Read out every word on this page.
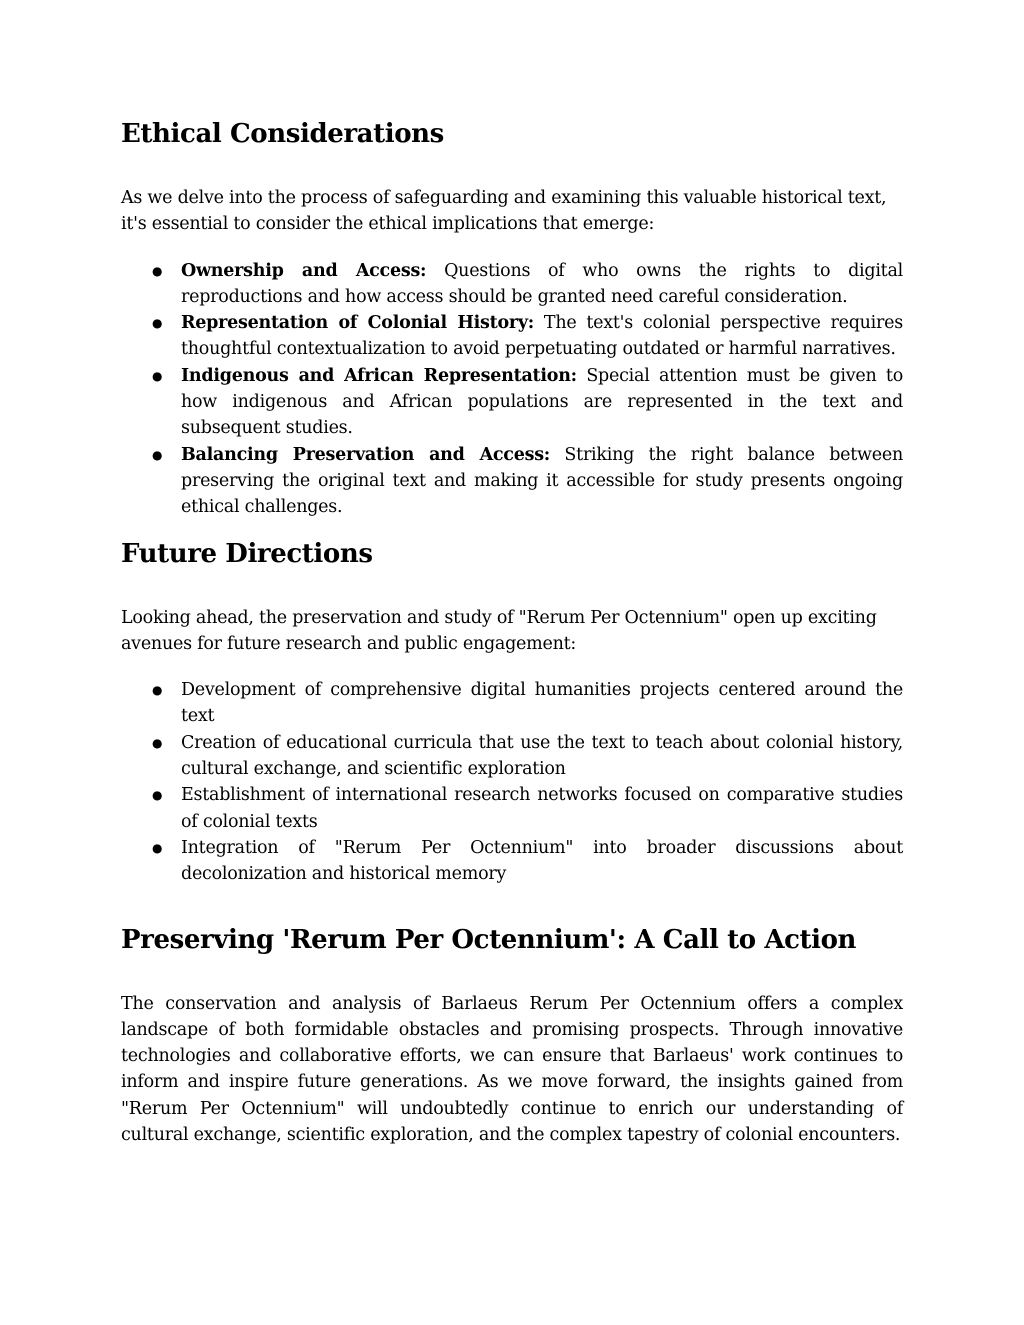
Ethical Considerations

As we delve into the process of safeguarding and examining this valuable historical text, it's essential to consider the ethical implications that emerge:

● Ownership and Access: Questions of who owns the rights to digital reproductions and how access should be granted need careful consideration.
● Representation of Colonial History: The text's colonial perspective requires thoughtful contextualization to avoid perpetuating outdated or harmful narratives.
● Indigenous and African Representation: Special attention must be given to how indigenous and African populations are represented in the text and subsequent studies.
● Balancing Preservation and Access: Striking the right balance between preserving the original text and making it accessible for study presents ongoing ethical challenges.
Future Directions

Looking ahead, the preservation and study of "Rerum Per Octennium" open up exciting avenues for future research and public engagement:

● Development of comprehensive digital humanities projects centered around the text
● Creation of educational curricula that use the text to teach about colonial history, cultural exchange, and scientific exploration
● Establishment of international research networks focused on comparative studies of colonial texts
● Integration of "Rerum Per Octennium" into broader discussions about decolonization and historical memory
Preserving 'Rerum Per Octennium': A Call to Action

The conservation and analysis of Barlaeus Rerum Per Octennium offers a complex landscape of both formidable obstacles and promising prospects. Through innovative technologies and collaborative efforts, we can ensure that Barlaeus' work continues to inform and inspire future generations. As we move forward, the insights gained from "Rerum Per Octennium" will undoubtedly continue to enrich our understanding of cultural exchange, scientific exploration, and the complex tapestry of colonial encounters.
